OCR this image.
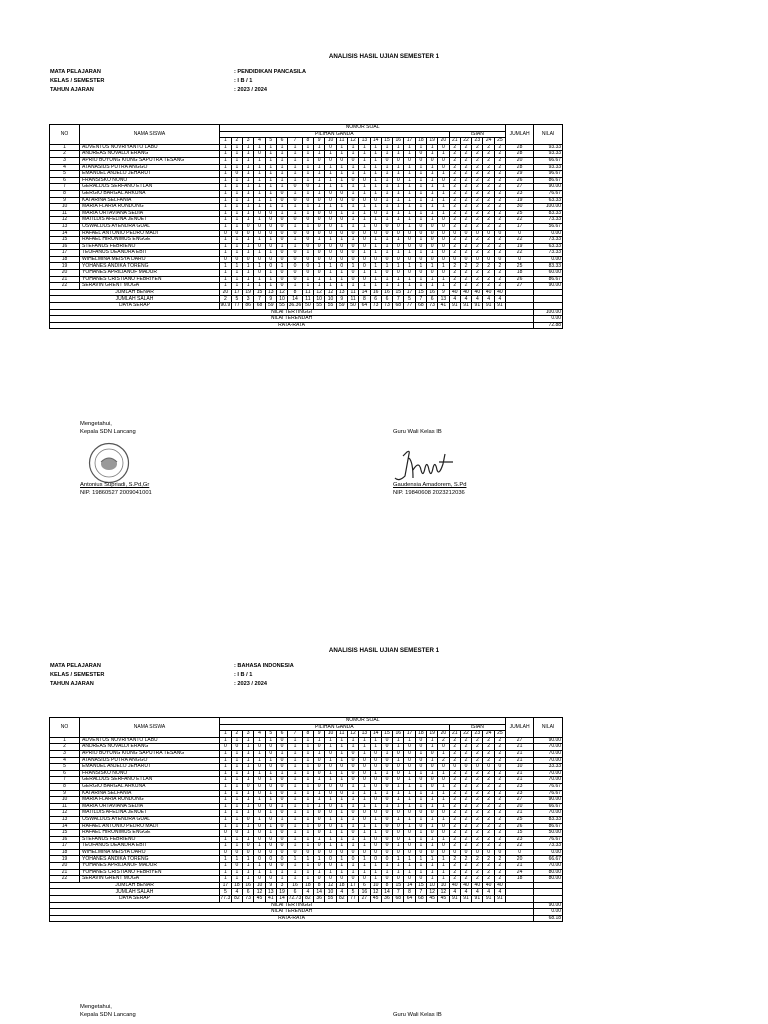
ANALISIS HASIL UJIAN SEMESTER 1
MATA PELAJARAN	: PENDIDIKAN PANCASILA
KELAS / SEMESTER	: I B / 1
TAHUN AJARAN	: 2023 / 2024
NO	NAMA SISWA	NOMOR SOAL																									JUMLAH	NILAI
		PILIHAN GANDA																				ISIAN						
		1	2	3	4	5	6	7	8	9	10	11	12	13	14	15	16	17	18	19	20	21	22	23	24	25		
1	ADVENTUS NOVRIYANTO LABU	1	1	1	1	1	1	1	1	1	0	1	1	1	1	1	1	1	1	1	0	2	2	2	2	2	28	93.33
2	ANDREAS NOVALDI ERANG	1	1	1	0	1	1	1	1	1	1	1	1	1	1	1	1	1	0	1	1	2	2	2	2	2	28	93.33
3	APRIO BUYUNG KIUNG SAPUTRA TESANG	1	1	1	1	1	1	1	1	0	0	0	0	1	1	0	0	0	0	0	0	2	2	2	2	2	20	66.67
4	ATANASIUS PUTRA ANGGO	1	1	1	1	1	1	1	1	1	1	1	1	1	1	1	1	1	1	1	0	2	2	2	2	2	28	93.33
5	EMANUEL ANJELO JEHARUT	1	0	1	1	1	1	1	1	1	1	1	1	1	1	1	1	1	1	1	1	2	2	2	2	2	29	96.67
6	FRANSISKO NONO	1	1	1	1	1	1	1	1	1	1	1	0	0	1	1	0	1	1	1	0	2	2	2	2	2	26	86.67
7	GERALDUS SERFANO ETLAN	1	1	1	1	1	1	0	0	1	1	1	1	1	1	1	1	1	1	1	1	2	2	2	2	2	27	90.00
8	GERGIO BARGAL ARKUNA	1	1	1	1	1	0	1	1	1	0	0	1	1	1	1	1	1	1	1	1	2	2	2	2	2	23	76.67
9	KATARINA SELFANIA	1	1	1	1	1	0	0	0	0	0	0	0	0	0	1	1	1	1	1	1	2	2	2	2	2	19	63.33
10	MARIA FLARIA RONDONG	1	1	1	1	1	1	1	1	1	1	1	1	1	1	1	1	1	1	1	1	2	2	2	2	2	30	100.00
11	MARIA ORTAVIANA SEDIA	1	1	1	0	0	1	1	1	0	0	1	1	1	0	1	1	1	1	1	1	2	2	2	2	2	25	83.33
12	MATILDIS AFELINA JENUET	1	1	1	1	0	0	0	0	0	0	0	1	1	1	1	1	1	1	1	0	2	2	2	2	2	22	73.33
13	OSWALDUS AYENDRA GUAL	1	1	0	0	0	0	1	1	0	0	1	1	1	0	0	0	1	0	0	0	2	2	2	2	2	17	56.67
14	RAFAEL ANTONIO PEDRO MADI	0	0	0	0	0	0	0	0	0	0	0	0	0	0	0	0	0	0	0	0	0	0	0	0	0	0	0.00
15	RAFAEL HIRONIMUS ENGGE	1	1	1	1	1	0	1	0	1	1	1	1	0	1	1	1	0	1	0	0	2	2	2	2	2	22	73.33
16	STEFANUS FEBRIENO	1	1	1	0	0	1	1	0	0	0	0	0	0	1	1	0	0	0	0	0	2	2	2	2	2	19	63.33
17	TEOFANUS DEANDRA EBIT	1	1	1	1	1	0	0	1	0	0	0	0	1	1	1	1	1	1	1	0	2	2	2	2	2	22	73.33
18	WIHELMINA MEISYA DARO	0	0	0	0	0	0	0	0	0	0	0	0	0	0	0	0	0	0	0	0	0	0	0	0	0	0	0.00
19	YOHANES ANDIKA TORENG	1	1	1	1	0	1	0	0	1	1	0	1	0	1	1	1	1	1	1	1	2	2	2	2	2	25	83.33
20	YOHANES APRILIANOF MADUR	1	1	1	0	1	0	0	0	0	1	1	0	1	1	0	0	0	0	0	0	2	2	2	2	2	18	60.00
21	YOHANES CRISTIANO FEBRIYEN	1	1	1	1	1	0	0	1	1	1	1	0	0	1	1	1	1	1	1	1	2	2	2	2	2	26	86.67
22	SERAVIN GRENT MOGA	1	1	1	1	1	0	1	1	1	1	1	1	1	1	1	1	1	1	1	1	2	2	2	2	2	27	90.00
JUMLAH BENAR		20	17	19	15	13	12	8	11	12	12	13	11	14	16	16	15	17	15	16	9	40	40	40	40	40		
JUMLAH SALAH		2	5	3	7	9	10	14	11	10	10	9	11	8	6	6	7	5	7	6	13	4	4	4	4	4		
DAYA SERAP		90.9	77	86	68	59	55	36.36	50	55	55	59	50	64	73	73	68	77	68	73	41	91	91	91	91	91		
NILAI TERTINGGI																												100.00
NILAI TERENDAH																												0.00
RATA-RATA																												72.88
Mengetahui,
Kepala SDN Lancang
Antonius Supriadi, S.Pd,Gr
NIP. 19860527 2009041001
Guru Wali Kelas IB
Gaudensia Amadorem, S.Pd
NIP. 19840608 2023212036
ANALISIS HASIL UJIAN SEMESTER 1
MATA PELAJARAN	: BAHASA INDONESIA
KELAS / SEMESTER	: I B / 1
TAHUN AJARAN	: 2023 / 2024
NO	NAMA SISWA	NOMOR SOAL																									JUMLAH	NILAI
		PILIHAN GANDA																				ISIAN						
		1	2	3	4	5	6	7	8	9	10	11	12	13	14	15	16	17	18	19	20	21	22	23	24	25		
1	ADVENTUS NOVRIYANTO LABU	1	1	1	1	1	0	1	1	1	1	1	1	1	1	0	1	1	0	1	2	2	2	2	2	2	27	90.00
2	ANDREAS NOVALDI ERANG	0	0	1	0	0	0	1	1	0	1	1	1	1	1	0	1	0	0	1	0	2	2	2	2	2	21	70.00
3	APRIO BUYUNG KIUNG SAPUTRA TESANG	1	1	1	1	0	1	1	1	1	0	1	0	1	0	1	0	0	1	0	1	2	2	2	2	2	21	70.00
4	ATANASIUS PUTRA ANGGO	1	1	1	1	1	0	1	1	0	1	1	0	0	0	0	1	0	0	1	2	2	2	2	2	2	21	70.00
5	EMANUEL ANJELO JEHARUT	1	1	1	0	0	0	1	1	0	0	0	0	0	0	0	0	0	0	0	0	0	0	0	0	0	10	33.33
6	FRANSISKO NONO	1	1	1	1	1	1	1	1	0	1	1	0	0	1	1	0	1	1	1	1	2	2	2	2	2	21	70.00
7	GERALDUS SERFANO ETLAN	1	1	1	0	1	0	1	1	1	1	1	0	0	0	0	0	1	0	0	0	2	2	2	2	2	21	70.00
8	GERGIO BARGAL ARKUNA	1	1	0	0	0	0	1	1	0	0	0	1	1	0	0	1	1	1	0	1	2	2	2	2	2	23	76.67
9	KATARINA SELFANIA	1	1	1	0	1	0	1	1	1	0	0	1	1	1	1	1	1	1	1	1	2	2	2	2	2	23	76.67
10	MARIA FLARIA RONDONG	1	1	1	1	1	0	1	1	1	1	1	1	1	0	0	1	1	1	1	1	2	2	2	2	2	27	90.00
11	MARIA ORTAVIANA SEDIA	1	1	1	0	0	1	1	1	1	0	1	1	1	1	1	1	1	1	1	1	2	2	2	2	2	20	66.67
12	MATILDIS AFELINA JENUET	1	1	1	0	1	0	1	1	0	0	1	0	0	0	0	0	0	0	0	0	2	2	2	2	2	21	70.00
13	OSWALDUS AYENDRA GUAL	1	1	0	1	0	1	1	1	0	1	1	1	0	1	0	1	1	1	1	1	2	2	2	2	2	25	83.33
14	RAFAEL ANTONIO PEDRO MADI	1	1	1	0	1	0	1	1	0	0	1	1	1	1	0	0	1	0	1	0	2	2	2	2	2	26	86.67
15	RAFAEL HIRONIMUS ENGGE	0	0	1	0	1	0	1	1	0	1	1	0	1	1	0	0	0	1	0	0	2	2	2	2	2	15	50.00
16	STEFANUS FEBRIENO	1	1	1	0	0	0	1	1	1	1	1	1	1	0	0	0	1	1	1	1	2	2	2	2	2	23	76.67
17	TEOFANUS DEANDRA EBIT	1	1	0	1	0	0	1	1	0	1	1	1	1	0	0	1	0	1	1	0	2	2	2	2	2	22	73.33
18	WIHELMINA MEISYA DARO	0	0	0	0	0	0	0	0	0	0	0	0	0	0	0	0	0	0	0	0	0	0	0	0	0	0	0.00
19	YOHANES ANDIKA TORENG	1	1	1	0	0	0	1	1	1	0	1	0	1	0	0	1	1	1	1	1	2	2	2	2	2	20	66.67
20	YOHANES APRILIANOF MADUR	1	0	1	1	0	0	1	1	0	0	1	1	1	1	1	1	1	1	1	1	2	2	2	2	2	21	70.00
21	YOHANES CRISTIANO FEBRIYEN	1	1	1	1	1	1	1	1	1	1	1	1	1	1	1	1	1	1	1	1	2	2	2	2	2	24	80.00
22	SERAVIN GRENT MOGA	1	1	1	0	0	1	1	1	0	0	0	0	0	1	0	0	0	0	1	1	2	2	2	2	2	18	80.00
JUMLAH BENAR		17	18	16	10	9	3	16	18	8	12	18	17	6	10	8	15	14	15	10	10	40	40	40	40	40		
JUMLAH SALAH		5	4	6	12	13	19	6	4	14	10	4	5	16	12	14	7	8	7	12	12	4	4	4	4	4		
DAYA SERAP		77.3	82	73	45	41	14	72.73	82	36	55	82	77	27	45	36	68	64	68	45	45	91	91	91	91	91		
NILAI TERTINGGI																												90.00
NILAI TERENDAH																												0.00
RATA-RATA																												68.18
Mengetahui,
Kepala SDN Lancang	Guru Wali Kelas IB
